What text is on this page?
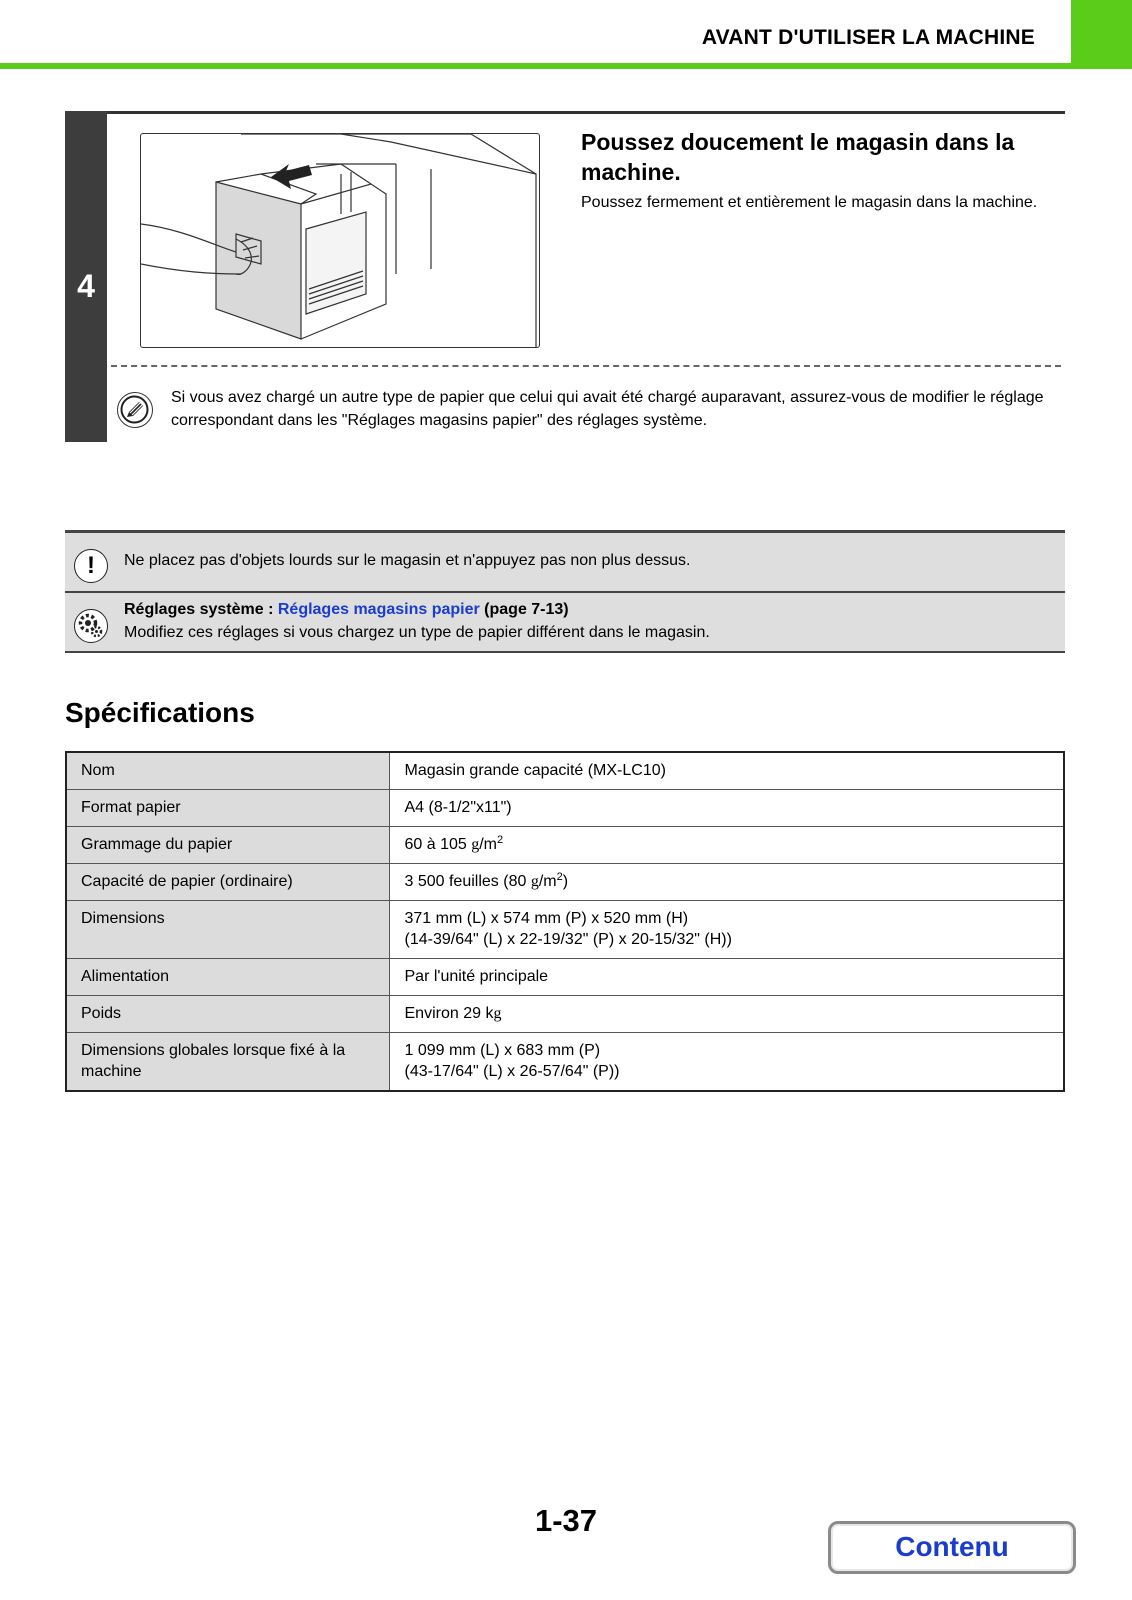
AVANT D'UTILISER LA MACHINE
4
Poussez doucement le magasin dans la machine.
Poussez fermement et entièrement le magasin dans la machine.
Si vous avez chargé un autre type de papier que celui qui avait été chargé auparavant, assurez-vous de modifier le réglage correspondant dans les "Réglages magasins papier" des réglages système.
!	Ne placez pas d'objets lourds sur le magasin et n'appuyez pas non plus dessus.
Réglages système : Réglages magasins papier (page 7-13)
Modifiez ces réglages si vous chargez un type de papier différent dans le magasin.
Spécifications
Nom	Magasin grande capacité (MX-LC10)
Format papier	A4 (8-1/2"x11")
Grammage du papier	60 à 105 $g/m^2$
Capacité de papier (ordinaire)	3 500 feuilles (80 $g/m^2$)
Dimensions	371 mm (L) x 574 mm (P) x 520 mm (H)
(14-39/64" (L) x 22-19/32" (P) x 20-15/32" (H))

Alimentation	Par l'unité principale
Poids	Environ 29 kg
Dimensions globales lorsque fixé à la machine	1 099 mm (L) x 683 mm (P)
(43-17/64" (L) x 26-57/64" (P))
1-37
Contenu
